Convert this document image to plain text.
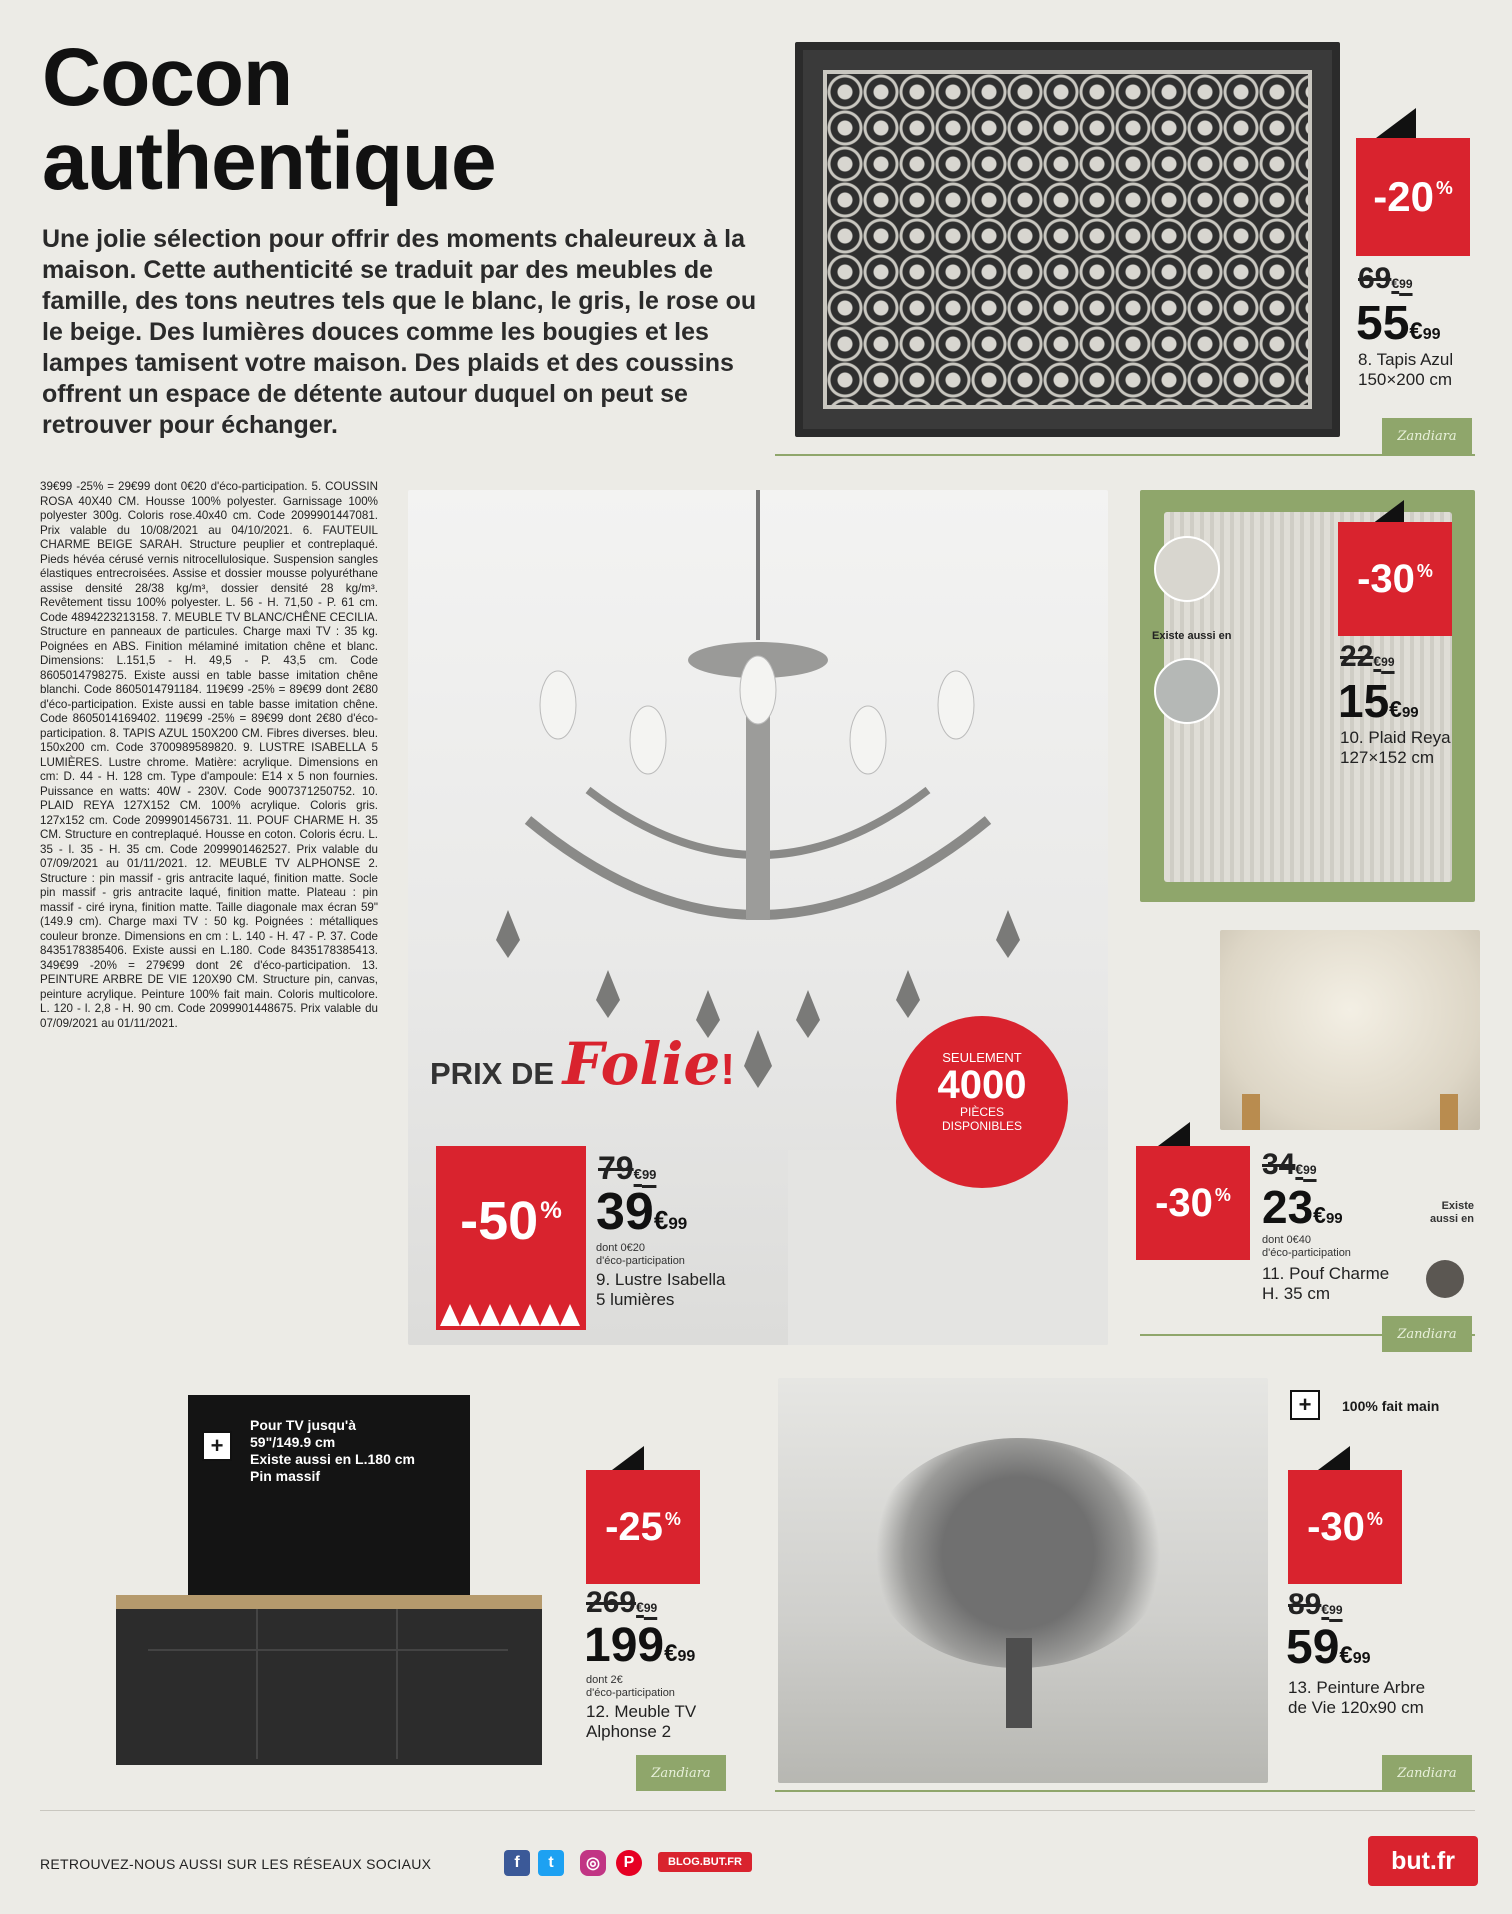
Cocon
authentique
Une jolie sélection pour offrir des moments chaleureux à la maison. Cette authenticité se traduit par des meubles de famille, des tons neutres tels que le blanc, le gris, le rose ou le beige. Des lumières douces comme les bougies et les lampes tamisent votre maison. Des plaids et des coussins offrent un espace de détente autour duquel on peut se retrouver pour échanger.
39€99 -25% = 29€99 dont 0€20 d'éco-participation. 5. COUSSIN ROSA 40X40 CM. Housse 100% polyester. Garnissage 100% polyester 300g. Coloris rose.40x40 cm. Code 2099901447081. Prix valable du 10/08/2021 au 04/10/2021. 6. FAUTEUIL CHARME BEIGE SARAH. Structure peuplier et contreplaqué. Pieds hévéa cérusé vernis nitrocellulosique. Suspension sangles élastiques entrecroisées. Assise et dossier mousse polyuréthane assise densité 28/38 kg/m³, dossier densité 28 kg/m³. Revêtement tissu 100% polyester. L. 56 - H. 71,50 - P. 61 cm. Code 4894223213158. 7. MEUBLE TV BLANC/CHÊNE CECILIA. Structure en panneaux de particules. Charge maxi TV : 35 kg. Poignées en ABS. Finition mélaminé imitation chêne et blanc. Dimensions: L.151,5 - H. 49,5 - P. 43,5 cm. Code 8605014798275. Existe aussi en table basse imitation chêne blanchi. Code 8605014791184. 119€99 -25% = 89€99 dont 2€80 d'éco-participation. Existe aussi en table basse imitation chêne. Code 8605014169402. 119€99 -25% = 89€99 dont 2€80 d'éco-participation. 8. TAPIS AZUL 150X200 CM. Fibres diverses. bleu. 150x200 cm. Code 3700989589820. 9. LUSTRE ISABELLA 5 LUMIÈRES. Lustre chrome. Matière: acrylique. Dimensions en cm: D. 44 - H. 128 cm. Type d'ampoule: E14 x 5 non fournies. Puissance en watts: 40W - 230V. Code 9007371250752. 10. PLAID REYA 127X152 CM. 100% acrylique. Coloris gris. 127x152 cm. Code 2099901456731. 11. POUF CHARME H. 35 CM. Structure en contreplaqué. Housse en coton. Coloris écru. L. 35 - l. 35 - H. 35 cm. Code 2099901462527. Prix valable du 07/09/2021 au 01/11/2021. 12. MEUBLE TV ALPHONSE 2. Structure : pin massif - gris antracite laqué, finition matte. Socle pin massif - gris antracite laqué, finition matte. Plateau : pin massif - ciré iryna, finition matte. Taille diagonale max écran 59" (149.9 cm). Charge maxi TV : 50 kg. Poignées : métalliques couleur bronze. Dimensions en cm : L. 140 - H. 47 - P. 37. Code 8435178385406. Existe aussi en L.180. Code 8435178385413. 349€99 -20% = 279€99 dont 2€ d'éco-participation. 13. PEINTURE ARBRE DE VIE 120X90 CM. Structure pin, canvas, peinture acrylique. Peinture 100% fait main. Coloris multicolore. L. 120 - l. 2,8 - H. 90 cm. Code 2099901448675. Prix valable du 07/09/2021 au 01/11/2021.
Zandiara
-20%
69€99
55€99
8. Tapis Azul
150×200 cm
PRIX DE Folie!	SEULEMENT
4000
PIÈCES
DISPONIBLES
-50%
79€99
39€99
dont 0€20
d'éco-participation
9. Lustre Isabella
5 lumières
Existe aussi en
-30%
22€99
15€99
10. Plaid Reya
127×152 cm
-30%
34€99
23€99
dont 0€40
d'éco-participation
11. Pouf Charme
H. 35 cm
Existe
aussi en
Zandiara
+
Pour TV jusqu'à
59"/149.9 cm
Existe aussi en L.180 cm
Pin massif
-25%
269€99
199€99
dont 2€
d'éco-participation
12. Meuble TV
Alphonse 2
Zandiara
+	100% fait main
-30%
89€99
59€99
13. Peinture Arbre
de Vie 120x90 cm
Zandiara
RETROUVEZ-NOUS AUSSI SUR LES RÉSEAUX SOCIAUX	f	t	◎	P	BLOG.BUT.FR	but.fr
